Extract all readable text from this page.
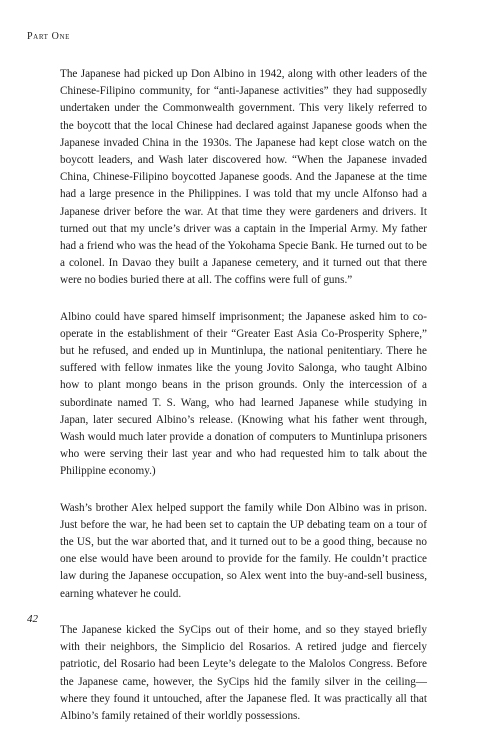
Part One

The Japanese had picked up Don Albino in 1942, along with other leaders of the Chinese-Filipino community, for “anti-Japanese activities” they had supposedly undertaken under the Commonwealth government. This very likely referred to the boycott that the local Chinese had declared against Japanese goods when the Japanese invaded China in the 1930s. The Japanese had kept close watch on the boycott leaders, and Wash later discovered how. “When the Japanese invaded China, Chinese-Filipino boycotted Japanese goods. And the Japanese at the time had a large presence in the Philippines. I was told that my uncle Alfonso had a Japanese driver before the war. At that time they were gardeners and drivers. It turned out that my uncle’s driver was a captain in the Imperial Army. My father had a friend who was the head of the Yokohama Specie Bank. He turned out to be a colonel. In Davao they built a Japanese cemetery, and it turned out that there were no bodies buried there at all. The coffins were full of guns.”

Albino could have spared himself imprisonment; the Japanese asked him to co-operate in the establishment of their “Greater East Asia Co-Prosperity Sphere,” but he refused, and ended up in Muntinlupa, the national penitentiary. There he suffered with fellow inmates like the young Jovito Salonga, who taught Albino how to plant mongo beans in the prison grounds. Only the intercession of a subordinate named T. S. Wang, who had learned Japanese while studying in Japan, later secured Albino’s release. (Knowing what his father went through, Wash would much later provide a donation of computers to Muntinlupa prisoners who were serving their last year and who had requested him to talk about the Philippine economy.)

Wash’s brother Alex helped support the family while Don Albino was in prison. Just before the war, he had been set to captain the UP debating team on a tour of the US, but the war aborted that, and it turned out to be a good thing, because no one else would have been around to provide for the family. He couldn’t practice law during the Japanese occupation, so Alex went into the buy-and-sell business, earning whatever he could.

The Japanese kicked the SyCips out of their home, and so they stayed briefly with their neighbors, the Simplicio del Rosarios. A retired judge and fiercely patriotic, del Rosario had been Leyte’s delegate to the Malolos Congress. Before the Japanese came, however, the SyCips hid the family silver in the ceiling—where they found it untouched, after the Japanese fled. It was practically all that Albino’s family retained of their worldly possessions.

42
